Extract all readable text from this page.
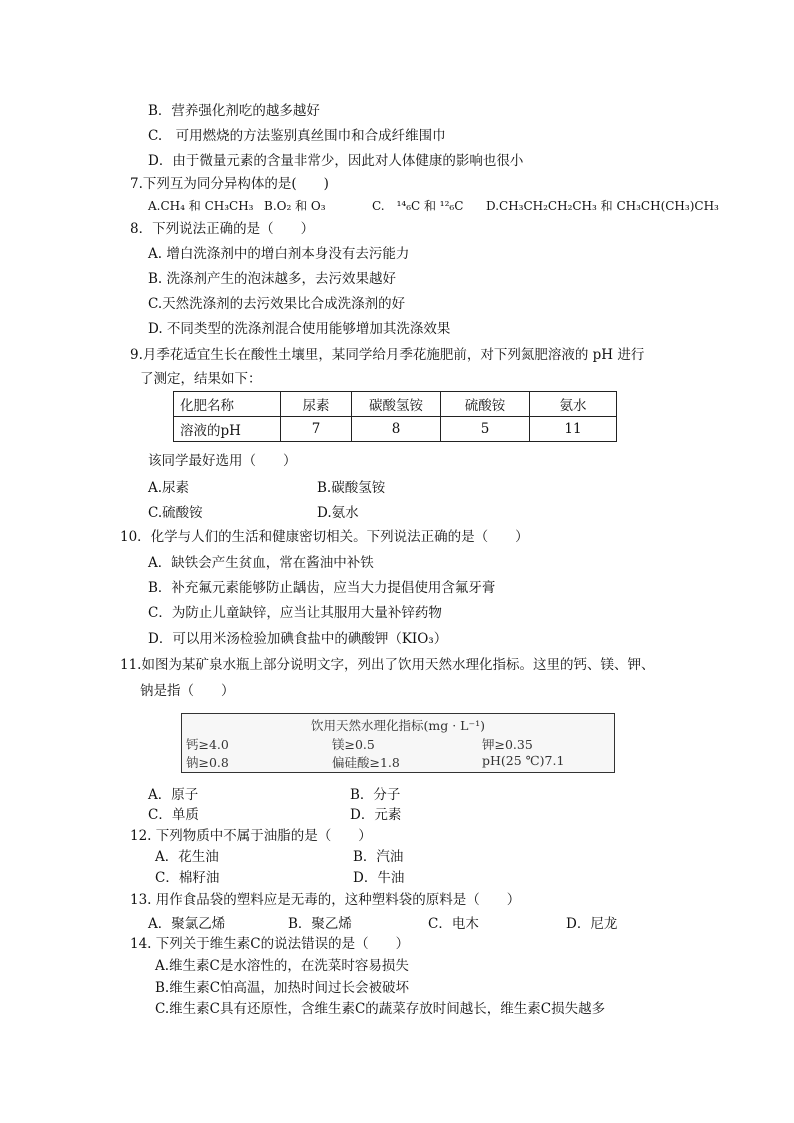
B．营养强化剂吃的越多越好
C.　可用燃烧的方法鉴别真丝围巾和合成纤维围巾
D．由于微量元素的含量非常少，因此对人体健康的影响也很小
7.下列互为同分异构体的是(　　)
A.CH₄ 和 CH₃CH₃ B.O₂ 和 O₃	C.　¹⁴₆C 和 ¹²₆C D.CH₃CH₂CH₂CH₃ 和 CH₃CH(CH₃)CH₃
8．下列说法正确的是（　　）
A. 增白洗涤剂中的增白剂本身没有去污能力
B. 洗涤剂产生的泡沫越多，去污效果越好
C.天然洗涤剂的去污效果比合成洗涤剂的好
D. 不同类型的洗涤剂混合使用能够增加其洗涤效果
9.月季花适宜生长在酸性土壤里，某同学给月季花施肥前，对下列氮肥溶液的 pH 进行
了测定，结果如下：
化肥名称	尿素	碳酸氢铵	硫酸铵	氨水
溶液的pH	7	8	5	11
该同学最好选用（　　）
A.尿素	B.碳酸氢铵
C.硫酸铵	D.氨水
10．化学与人们的生活和健康密切相关。下列说法正确的是（　　）
A．缺铁会产生贫血，常在酱油中补铁
B．补充氟元素能够防止龋齿，应当大力提倡使用含氟牙膏
C．为防止儿童缺锌，应当让其服用大量补锌药物
D．可以用米汤检验加碘食盐中的碘酸钾（KIO₃）
11.如图为某矿泉水瓶上部分说明文字，列出了饮用天然水理化指标。这里的钙、镁、钾、
钠是指（　　）
饮用天然水理化指标(mg · L⁻¹)
钙≥4.0	镁≥0.5	钾≥0.35
钠≥0.8	偏硅酸≥1.8	pH(25 ℃)7.1
A．原子	B．分子
C．单质	D．元素
12. 下列物质中不属于油脂的是（　　）
A．花生油	B．汽油
C．棉籽油	D．牛油
13. 用作食品袋的塑料应是无毒的，这种塑料袋的原料是（　　）
A．聚氯乙烯	B．聚乙烯	C．电木	D．尼龙
14. 下列关于维生素C的说法错误的是（　　）
A.维生素C是水溶性的，在洗菜时容易损失
B.维生素C怕高温，加热时间过长会被破坏
C.维生素C具有还原性，含维生素C的蔬菜存放时间越长，维生素C损失越多
